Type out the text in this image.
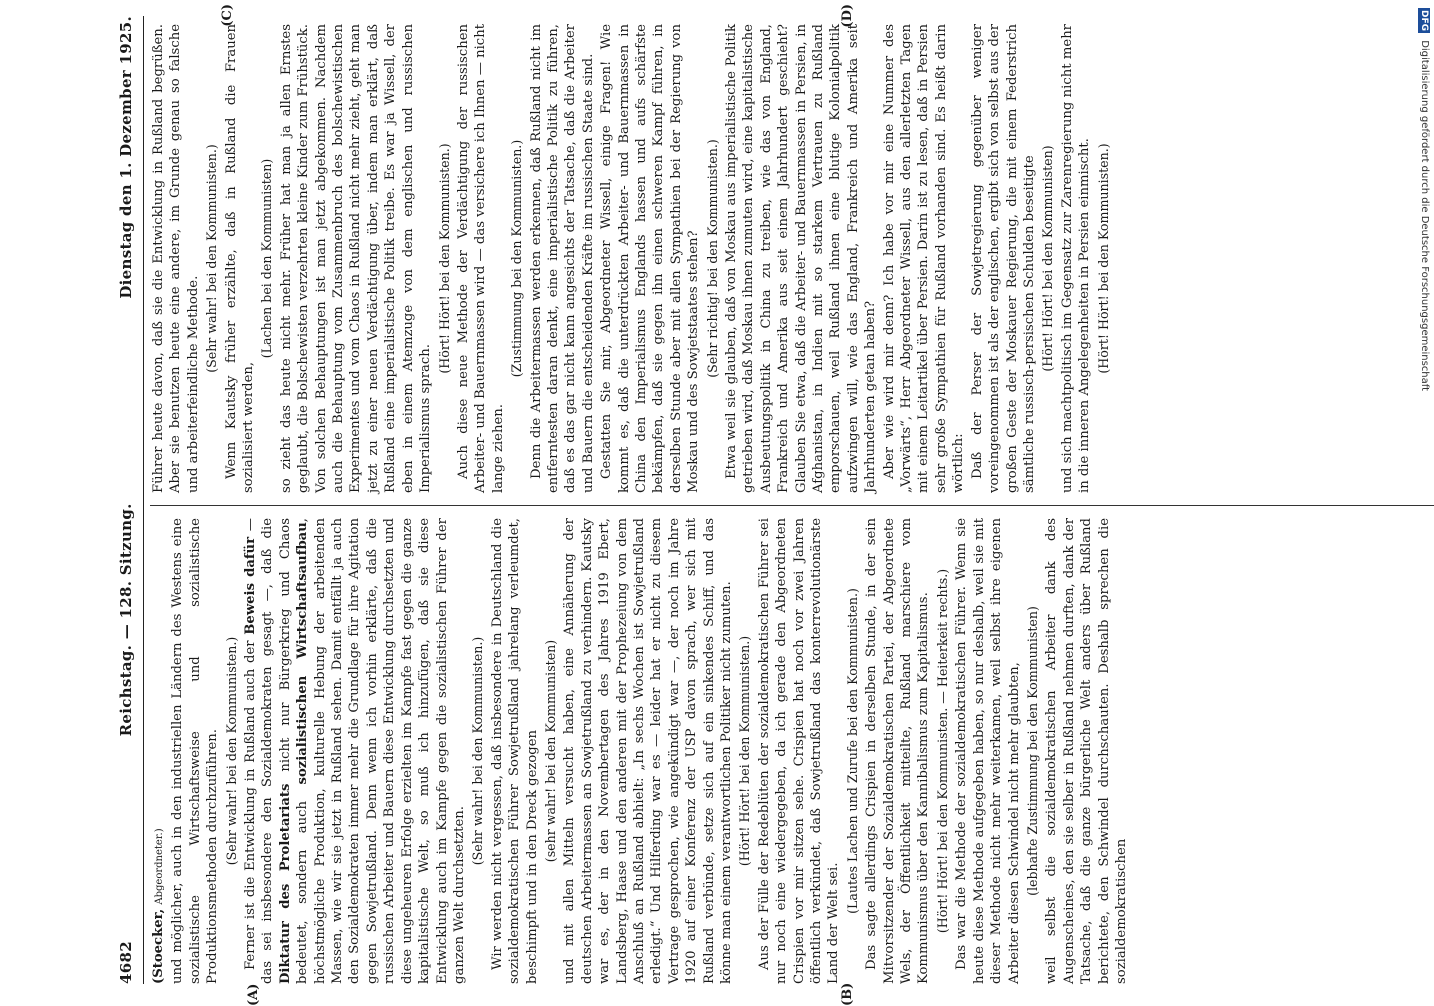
4682
Reichstag. — 128. Sitzung.
Dienstag den 1. Dezember 1925.
(A)	(B)

(Stoecker, Abgeordneter.) und möglicher, auch in den industriellen Ländern des Westens eine sozialistische Wirtschaftsweise und sozialistische Produktionsmethoden durchzuführen. (Sehr wahr! bei den Kommunisten.) Ferner ist die Entwicklung in Rußland auch der Beweis dafür — das sei insbesondere den Sozialdemokraten gesagt —, daß die Diktatur des Proletariats nicht nur Bürgerkrieg und Chaos bedeutet, sondern auch sozialistischen Wirtschaftsaufbau, höchstmögliche Produktion, kulturelle Hebung der arbeitenden Massen, wie wir sie jetzt in Rußland sehen. Damit entfällt ja auch den Sozialdemokraten immer mehr die Grundlage für ihre Agitation gegen Sowjetrußland. Denn wenn ich vorhin erklärte, daß die russischen Arbeiter und Bauern diese Entwicklung durchsetzten und diese ungeheuren Erfolge erzielten im Kampfe fast gegen die ganze kapitalistische Welt, so muß ich hinzufügen, daß sie diese Entwicklung auch im Kampfe gegen die sozialistischen Führer der ganzen Welt durchsetzten.

(Sehr wahr! bei den Kommunisten.) Wir werden nicht vergessen, daß insbesondere in Deutschland die sozialdemokratischen Führer Sowjetrußland jahrelang verleumdet, beschimpft und in den Dreck gezogen (sehr wahr! bei den Kommunisten) und mit allen Mitteln versucht haben, eine Annäherung der deutschen Arbeitermassen an Sowjetrußland zu verhindern. Kautsky war es, der in den Novembertagen des Jahres 1919 Ebert, Landsberg, Haase und den anderen mit der Prophezeiung von dem Anschluß an Rußland abhielt: „In sechs Wochen ist Sowjetrußland erledigt.“ Und Hilferding war es — leider hat er nicht zu diesem Vertrage gesprochen, wie angekündigt war —, der noch im Jahre 1920 auf einer Konferenz der USP davon sprach, wer sich mit Rußland verbünde, setze sich auf ein sinkendes Schiff, und das könne man einem verantwortlichen Politiker nicht zumuten. (Hört! Hört! bei den Kommunisten.) Aus der Fülle der Redeblüten der sozialdemokratischen Führer sei nur noch eine wiedergegeben, da ich gerade den Abgeordneten Crispien vor mir sitzen sehe. Crispien hat noch vor zwei Jahren öffentlich verkündet, daß Sowjetrußland das konterrevolutionärste Land der Welt sei.

(Lautes Lachen und Zurufe bei den Kommunisten.) Das sagte allerdings Crispien in derselben Stunde, in der sein Mitvorsitzender der Sozialdemokratischen Partei, der Abgeordnete Wels, der Öffentlichkeit mitteilte, Rußland marschiere vom Kommunismus über den Kannibalismus zum Kapitalismus. (Hört! Hört! bei den Kommunisten. — Heiterkeit rechts.) Das war die Methode der sozialdemokratischen Führer. Wenn sie heute diese Methode aufgegeben haben, so nur deshalb, weil sie mit dieser Methode nicht mehr weiterkamen, weil selbst ihre eigenen Arbeiter diesen Schwindel nicht mehr glaubten, (lebhafte Zustimmung bei den Kommunisten) weil selbst die sozialdemokratischen Arbeiter dank des Augenscheines, den sie selber in Rußland nehmen durften, dank der Tatsache, daß die ganze bürgerliche Welt anders über Rußland berichtete, den Schwindel durchschauten. Deshalb sprechen die sozialdemokratischen

(C)	(D)

Führer heute davon, daß sie die Entwicklung in Rußland begrüßen. Aber sie benutzen heute eine andere, im Grunde genau so falsche und arbeiterfeindliche Methode.

(Sehr wahr! bei den Kommunisten.) Wenn Kautsky früher erzählte, daß in Rußland die Frauen sozialisiert werden,

(Lachen bei den Kommunisten) so zieht das heute nicht mehr. Früher hat man ja allen Ernstes geglaubt, die Bolschewisten verzehrten kleine Kinder zum Frühstück. Von solchen Behauptungen ist man jetzt abgekommen. Nachdem auch die Behauptung vom Zusammenbruch des bolschewistischen Experimentes und vom Chaos in Rußland nicht mehr zieht, geht man jetzt zu einer neuen Verdächtigung über, indem man erklärt, daß Rußland eine imperialistische Politik treibe. Es war ja Wissell, der eben in einem Atemzuge von dem englischen und russischen Imperialismus sprach.

(Hört! Hört! bei den Kommunisten.) Auch diese neue Methode der Verdächtigung der russischen Arbeiter- und Bauernmassen wird — das versichere ich Ihnen — nicht lange ziehen.

(Zustimmung bei den Kommunisten.) Denn die Arbeitermassen werden erkennen, daß Rußland nicht im entferntesten daran denkt, eine imperialistische Politik zu führen, daß es das gar nicht kann angesichts der Tatsache, daß die Arbeiter und Bauern die entscheidenden Kräfte im russischen Staate sind. Gestatten Sie mir, Abgeordneter Wissell, einige Fragen! Wie kommt es, daß die unterdrückten Arbeiter- und Bauernmassen in China den Imperialismus Englands hassen und aufs schärfste bekämpfen, daß sie gegen ihn einen schweren Kampf führen, in derselben Stunde aber mit allen Sympathien bei der Regierung von Moskau und des Sowjetstaates stehen? (Sehr richtig! bei den Kommunisten.) Etwa weil sie glauben, daß von Moskau aus imperialistische Politik getrieben wird, daß Moskau ihnen zumuten wird, eine kapitalistische Ausbeutungspolitik in China zu treiben, wie das von England, Frankreich und Amerika aus seit einem Jahrhundert geschieht? Glauben Sie etwa, daß die Arbeiter- und Bauernmassen in Persien, in Afghanistan, in Indien mit so starkem Vertrauen zu Rußland emporschauen, weil Rußland ihnen eine blutige Kolonialpolitik aufzwingen will, wie das England, Frankreich und Amerika seit Jahrhunderten getan haben? Aber wie wird mir denn? Ich habe vor mir eine Nummer des „Vorwärts“, Herr Abgeordneter Wissell, aus den allerletzten Tagen mit einem Leitartikel über Persien. Darin ist zu lesen, daß in Persien sehr große Sympathien für Rußland vorhanden sind. Es heißt darin wörtlich: Daß der Perser der Sowjetregierung gegenüber weniger voreingenommen ist als der englischen, ergibt sich von selbst aus der großen Geste der Moskauer Regierung, die mit einem Federstrich sämtliche russisch-persischen Schulden beseitigte (Hört! Hört! bei den Kommunisten) und sich machtpolitisch im Gegensatz zur Zarenregierung nicht mehr in die inneren Angelegenheiten in Persien einmischt. (Hört! Hört! bei den Kommunisten.)

DFG Digitalisierung gefördert durch die Deutsche Forschungsgemeinschaft
